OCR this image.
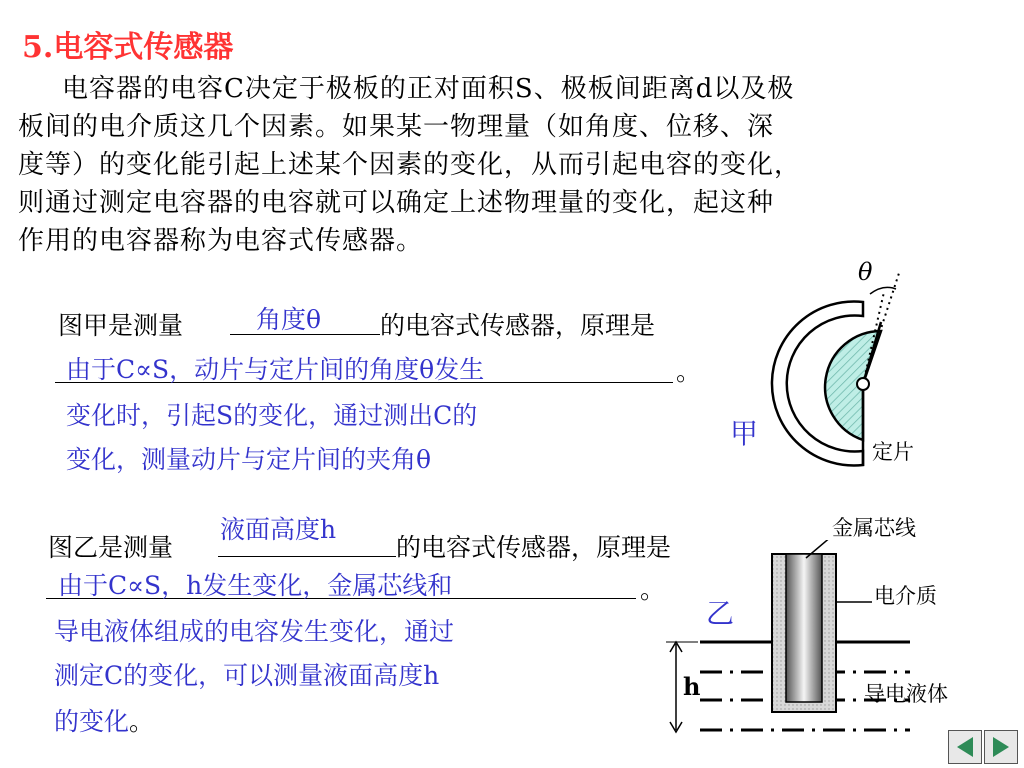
5.电容式传感器
电容器的电容C决定于极板的正对面积S、极板间距离d以及极
板间的电介质这几个因素。如果某一物理量（如角度、位移、深
度等）的变化能引起上述某个因素的变化，从而引起电容的变化，
则通过测定电容器的电容就可以确定上述物理量的变化，起这种
作用的电容器称为电容式传感器。
图甲是测量	角度θ 的电容式传感器，原理是
由于C∝S，动片与定片间的角度θ发生	。
变化时，引起S的变化，通过测出C的
变化，测量动片与定片间的夹角θ
θ
甲
定片
图乙是测量
液面高度h
的电容式传感器，原理是
由于C∝S，h发生变化，金属芯线和	。
导电液体组成的电容发生变化，通过
测定C的变化，可以测量液面高度h
的变化。
金属芯线
乙
电介质
导电液体
h
